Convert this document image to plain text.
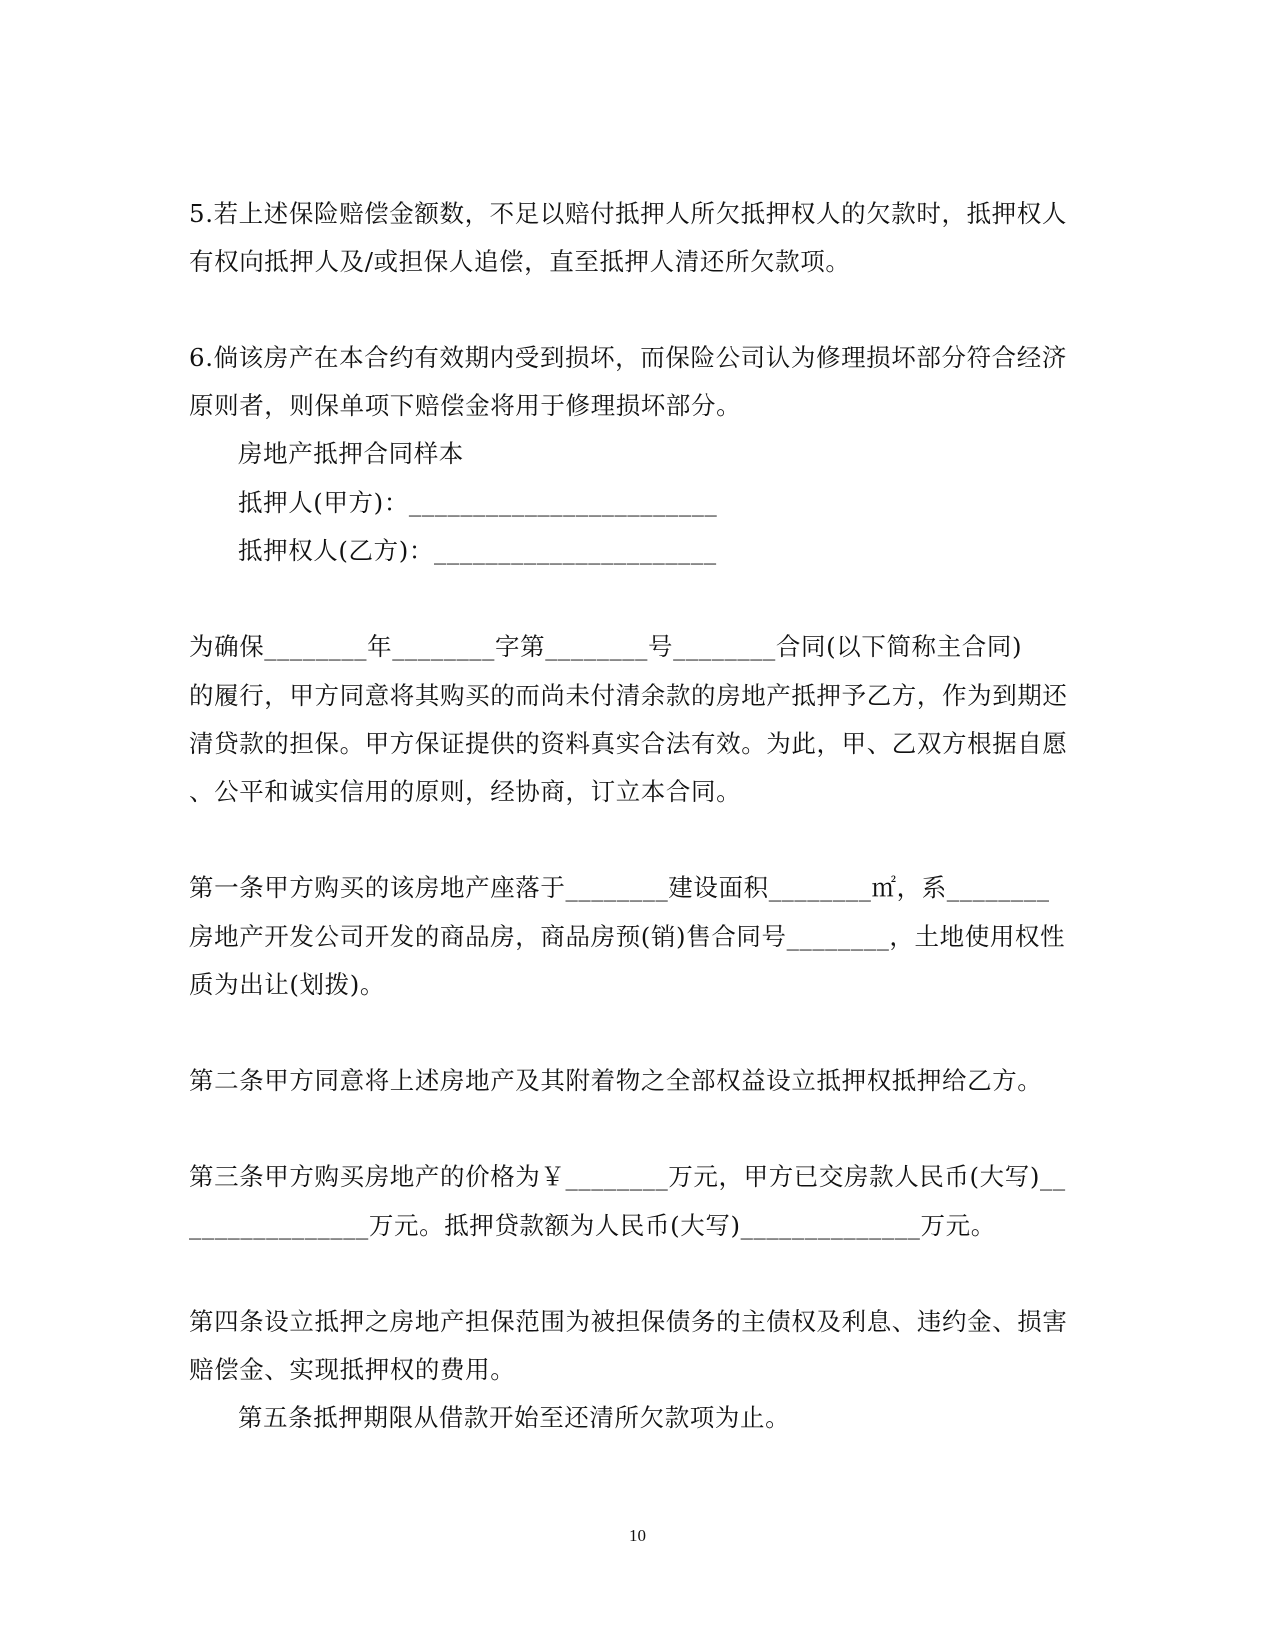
5.若上述保险赔偿金额数，不足以赔付抵押人所欠抵押权人的欠款时，抵押权人
有权向抵押人及/或担保人追偿，直至抵押人清还所欠款项。
6.倘该房产在本合约有效期内受到损坏，而保险公司认为修理损坏部分符合经济
原则者，则保单项下赔偿金将用于修理损坏部分。
房地产抵押合同样本
抵押人(甲方)：________________________
抵押权人(乙方)：______________________
为确保________年________字第________号________合同(以下简称主合同)
的履行，甲方同意将其购买的而尚未付清余款的房地产抵押予乙方，作为到期还
清贷款的担保。甲方保证提供的资料真实合法有效。为此，甲、乙双方根据自愿
、公平和诚实信用的原则，经协商，订立本合同。
第一条甲方购买的该房地产座落于________建设面积________㎡，系________
房地产开发公司开发的商品房，商品房预(销)售合同号________，土地使用权性
质为出让(划拨)。
第二条甲方同意将上述房地产及其附着物之全部权益设立抵押权抵押给乙方。
第三条甲方购买房地产的价格为￥________万元，甲方已交房款人民币(大写)__
______________万元。抵押贷款额为人民币(大写)______________万元。
第四条设立抵押之房地产担保范围为被担保债务的主债权及利息、违约金、损害
赔偿金、实现抵押权的费用。
第五条抵押期限从借款开始至还清所欠款项为止。
10
